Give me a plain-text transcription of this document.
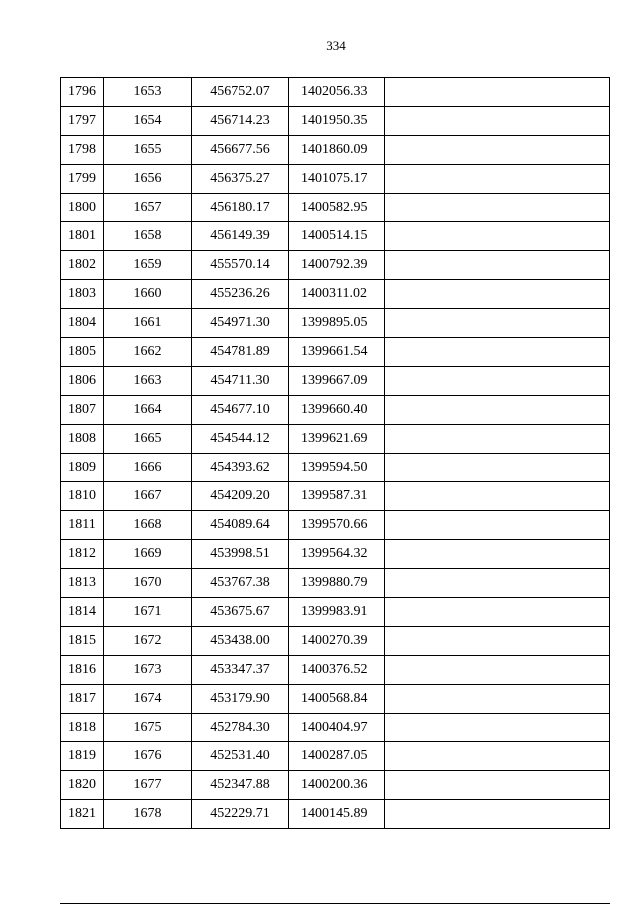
334
1796	1653	456752.07	1402056.33	
1797	1654	456714.23	1401950.35	
1798	1655	456677.56	1401860.09	
1799	1656	456375.27	1401075.17	
1800	1657	456180.17	1400582.95	
1801	1658	456149.39	1400514.15	
1802	1659	455570.14	1400792.39	
1803	1660	455236.26	1400311.02	
1804	1661	454971.30	1399895.05	
1805	1662	454781.89	1399661.54	
1806	1663	454711.30	1399667.09	
1807	1664	454677.10	1399660.40	
1808	1665	454544.12	1399621.69	
1809	1666	454393.62	1399594.50	
1810	1667	454209.20	1399587.31	
1811	1668	454089.64	1399570.66	
1812	1669	453998.51	1399564.32	
1813	1670	453767.38	1399880.79	
1814	1671	453675.67	1399983.91	
1815	1672	453438.00	1400270.39	
1816	1673	453347.37	1400376.52	
1817	1674	453179.90	1400568.84	
1818	1675	452784.30	1400404.97	
1819	1676	452531.40	1400287.05	
1820	1677	452347.88	1400200.36	
1821	1678	452229.71	1400145.89	
